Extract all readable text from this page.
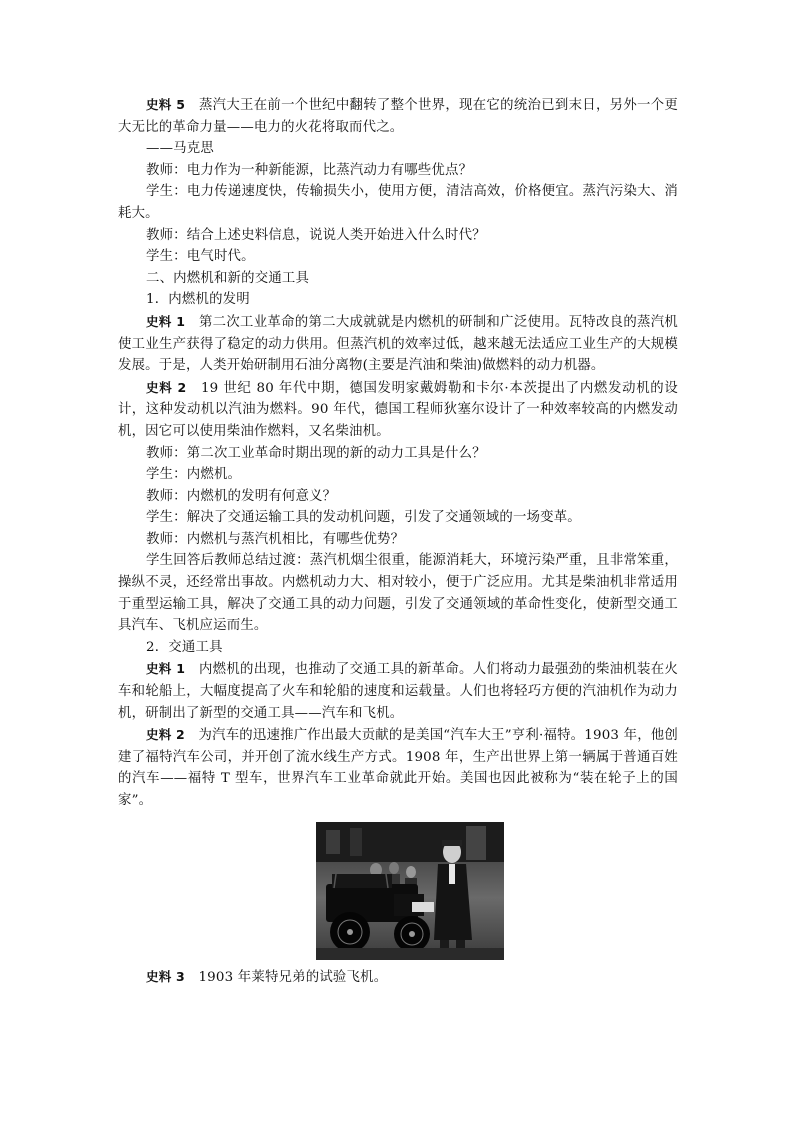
史料 5　蒸汽大王在前一个世纪中翻转了整个世界，现在它的统治已到末日，另外一个更大无比的革命力量——电力的火花将取而代之。

——马克思

教师：电力作为一种新能源，比蒸汽动力有哪些优点？

学生：电力传递速度快，传输损失小，使用方便，清洁高效，价格便宜。蒸汽污染大、消耗大。

教师：结合上述史料信息，说说人类开始进入什么时代？

学生：电气时代。

二、内燃机和新的交通工具

1．内燃机的发明

史料 1　第二次工业革命的第二大成就就是内燃机的研制和广泛使用。瓦特改良的蒸汽机使工业生产获得了稳定的动力供用。但蒸汽机的效率过低，越来越无法适应工业生产的大规模发展。于是，人类开始研制用石油分离物(主要是汽油和柴油)做燃料的动力机器。

史料 2　19 世纪 80 年代中期，德国发明家戴姆勒和卡尔·本茨提出了内燃发动机的设计，这种发动机以汽油为燃料。90 年代，德国工程师狄塞尔设计了一种效率较高的内燃发动机，因它可以使用柴油作燃料，又名柴油机。

教师：第二次工业革命时期出现的新的动力工具是什么？

学生：内燃机。

教师：内燃机的发明有何意义？

学生：解决了交通运输工具的发动机问题，引发了交通领域的一场变革。

教师：内燃机与蒸汽机相比，有哪些优势？

学生回答后教师总结过渡：蒸汽机烟尘很重，能源消耗大，环境污染严重，且非常笨重，操纵不灵，还经常出事故。内燃机动力大、相对较小，便于广泛应用。尤其是柴油机非常适用于重型运输工具，解决了交通工具的动力问题，引发了交通领域的革命性变化，使新型交通工具汽车、飞机应运而生。

2．交通工具

史料 1　内燃机的出现，也推动了交通工具的新革命。人们将动力最强劲的柴油机装在火车和轮船上，大幅度提高了火车和轮船的速度和运载量。人们也将轻巧方便的汽油机作为动力机，研制出了新型的交通工具——汽车和飞机。

史料 2　为汽车的迅速推广作出最大贡献的是美国“汽车大王”亨利·福特。1903 年，他创建了福特汽车公司，并开创了流水线生产方式。1908 年，生产出世界上第一辆属于普通百姓的汽车——福特 T 型车，世界汽车工业革命就此开始。美国也因此被称为“装在轮子上的国家”。

史料 3　1903 年莱特兄弟的试验飞机。
